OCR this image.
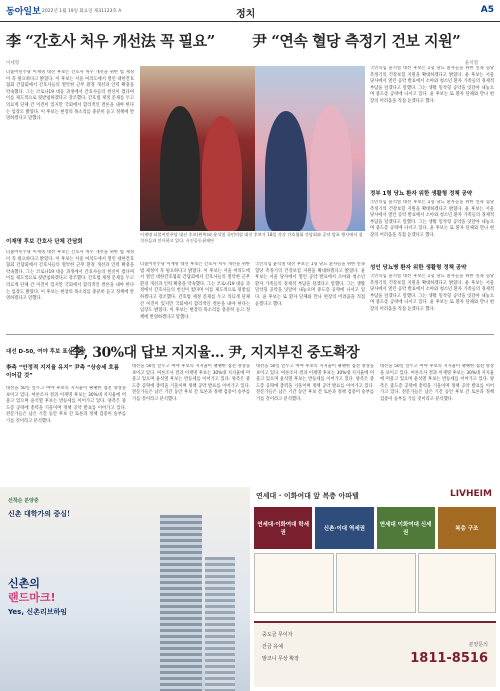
동아일보 2022년 1월 19일 화요일 제31123호 A	정치	A5
李 “간호사 처우 개선法 꼭 필요” 尹 “연속 혈당 측정기 건보 지원”
이세형	윤석열

더불어민주당 이재명 대선 후보는 간호사 처우 개선을 위한 법 제정이 꼭 필요하다고 밝혔다. 이 후보는 서울 여의도에서 열린 대한간호협회 간담회에서 간호사들의 열악한 근무 환경 개선과 인력 확충을 약속했다. 그는 코로나19 대응 과정에서 간호사들의 헌신이 컸다며 이를 제도적으로 뒷받침하겠다고 강조했다. 간호법 제정 문제를 두고 의료계 단체 간 이견이 있지만 국회에서 합리적인 결론을 내야 한다는 입장도 밝혔다. 이 후보는 현장의 목소리를 충분히 듣고 정책에 반영하겠다고 말했다.

이재명 후보 간호사 단체 간담회

더불어민주당 이재명 대선 후보는 간호사 처우 개선을 위한 법 제정이 꼭 필요하다고 밝혔다. 이 후보는 서울 여의도에서 열린 대한간호협회 간담회에서 간호사들의 열악한 근무 환경 개선과 인력 확충을 약속했다. 그는 코로나19 대응 과정에서 간호사들의 헌신이 컸다며 이를 제도적으로 뒷받침하겠다고 강조했다. 간호법 제정 문제를 두고 의료계 단체 간 이견이 있지만 국회에서 합리적인 결론을 내야 한다는 입장도 밝혔다. 이 후보는 현장의 목소리를 충분히 듣고 정책에 반영하겠다고 말했다.

이재명 더불어민주당 대선 후보(왼쪽)와 윤석열 국민의힘 대선 후보가 18일 각각 간호협회 간담회와 공약 발표 행사에서 참석자들과 인사하고 있다. 사진공동취재단

국민의힘 윤석열 대선 후보는 1형 당뇨 환자들을 위한 연속 혈당 측정기의 건강보험 지원을 확대하겠다고 밝혔다. 윤 후보는 서울 당사에서 열린 공약 발표에서 소아와 청소년 환자 가족들의 경제적 부담을 덜겠다고 말했다. 그는 생활 밀착형 공약을 잇달아 내놓으며 중도층 공략에 나서고 있다. 윤 후보는 또 환자 단체와 만나 현장의 어려움을 직접 듣겠다고 했다.

정부 1형 당뇨 환자 위한 생활형 정책 공약

국민의힘 윤석열 대선 후보는 1형 당뇨 환자들을 위한 연속 혈당 측정기의 건강보험 지원을 확대하겠다고 밝혔다. 윤 후보는 서울 당사에서 열린 공약 발표에서 소아와 청소년 환자 가족들의 경제적 부담을 덜겠다고 말했다. 그는 생활 밀착형 공약을 잇달아 내놓으며 중도층 공략에 나서고 있다. 윤 후보는 또 환자 단체와 만나 현장의 어려움을 직접 듣겠다고 했다.

성인 당뇨병 환자 위한 생활형 정책 공약

국민의힘 윤석열 대선 후보는 1형 당뇨 환자들을 위한 연속 혈당 측정기의 건강보험 지원을 확대하겠다고 밝혔다. 윤 후보는 서울 당사에서 열린 공약 발표에서 소아와 청소년 환자 가족들의 경제적 부담을 덜겠다고 말했다. 그는 생활 밀착형 공약을 잇달아 내놓으며 중도층 공략에 나서고 있다. 윤 후보는 또 환자 단체와 만나 현장의 어려움을 직접 듣겠다고 했다.

더불어민주당 이재명 대선 후보는 간호사 처우 개선을 위한 법 제정이 꼭 필요하다고 밝혔다. 이 후보는 서울 여의도에서 열린 대한간호협회 간담회에서 간호사들의 열악한 근무 환경 개선과 인력 확충을 약속했다. 그는 코로나19 대응 과정에서 간호사들의 헌신이 컸다며 이를 제도적으로 뒷받침하겠다고 강조했다. 간호법 제정 문제를 두고 의료계 단체 간 이견이 있지만 국회에서 합리적인 결론을 내야 한다는 입장도 밝혔다. 이 후보는 현장의 목소리를 충분히 듣고 정책에 반영하겠다고 말했다.

국민의힘 윤석열 대선 후보는 1형 당뇨 환자들을 위한 연속 혈당 측정기의 건강보험 지원을 확대하겠다고 밝혔다. 윤 후보는 서울 당사에서 열린 공약 발표에서 소아와 청소년 환자 가족들의 경제적 부담을 덜겠다고 말했다. 그는 생활 밀착형 공약을 잇달아 내놓으며 중도층 공략에 나서고 있다. 윤 후보는 또 환자 단체와 만나 현장의 어려움을 직접 듣겠다고 했다.

대선 D-50, 여야 후보 표심 공략
李, 30%대 답보 지지율… 尹, 지지부진 중도확장
李측 “안정적 지지율 유지” 尹측 “상승세 흐름 이어갈 것”

대선을 50일 앞두고 여야 후보의 지지율이 팽팽한 접전 양상을 보이고 있다. 여론조사 결과 이재명 후보는 30%대 지지율에 머물고 있으며 윤석열 후보는 반등세를 이어가고 있다. 양측은 중도층 공략에 총력을 기울이며 정책 공약 발표를 이어가고 있다. 전문가들은 남은 기간 동안 후보 간 토론과 정책 검증이 승부를 가를 것이라고 분석했다.

대선을 50일 앞두고 여야 후보의 지지율이 팽팽한 접전 양상을 보이고 있다. 여론조사 결과 이재명 후보는 30%대 지지율에 머물고 있으며 윤석열 후보는 반등세를 이어가고 있다. 양측은 중도층 공략에 총력을 기울이며 정책 공약 발표를 이어가고 있다. 전문가들은 남은 기간 동안 후보 간 토론과 정책 검증이 승부를 가를 것이라고 분석했다.

대선을 50일 앞두고 여야 후보의 지지율이 팽팽한 접전 양상을 보이고 있다. 여론조사 결과 이재명 후보는 30%대 지지율에 머물고 있으며 윤석열 후보는 반등세를 이어가고 있다. 양측은 중도층 공략에 총력을 기울이며 정책 공약 발표를 이어가고 있다. 전문가들은 남은 기간 동안 후보 간 토론과 정책 검증이 승부를 가를 것이라고 분석했다.

대선을 50일 앞두고 여야 후보의 지지율이 팽팽한 접전 양상을 보이고 있다. 여론조사 결과 이재명 후보는 30%대 지지율에 머물고 있으며 윤석열 후보는 반등세를 이어가고 있다. 양측은 중도층 공략에 총력을 기울이며 정책 공약 발표를 이어가고 있다. 전문가들은 남은 기간 동안 후보 간 토론과 정책 검증이 승부를 가를 것이라고 분석했다.

선착순 분양중
신촌 대학가의 중심!
신촌의
랜드마크!
Yes, 신촌리브하임
연세대 · 이화여대 앞 복층 아파텔	LIVHEIM
연세대·이화여대 학세권
신촌·이대 역세권
연세대 이화여대 신세권
복층 구조
중도금 무이자
잔금 유예
발코니 무상 확장
분양문의
1811-8516
